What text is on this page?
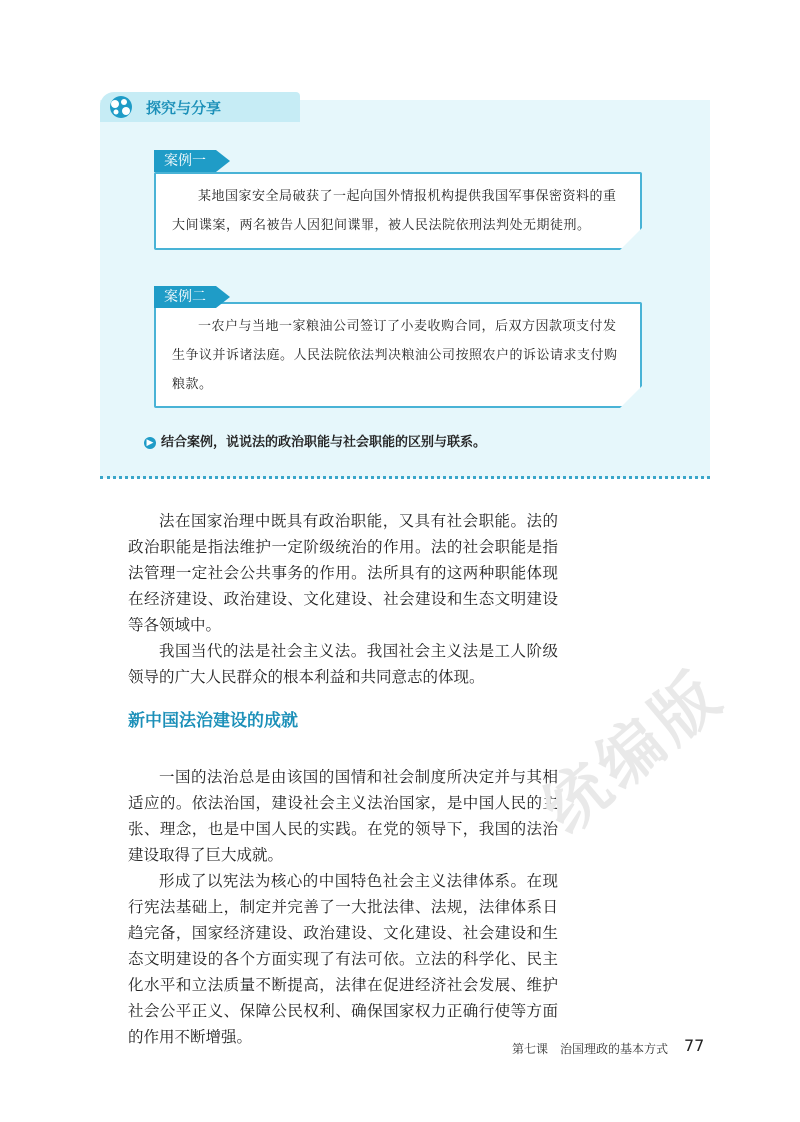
探究与分享
某地国家安全局破获了一起向国外情报机构提供我国军事保密资料的重大间谍案，两名被告人因犯间谍罪，被人民法院依刑法判处无期徒刑。
案例一
一农户与当地一家粮油公司签订了小麦收购合同，后双方因款项支付发生争议并诉诸法庭。人民法院依法判决粮油公司按照农户的诉讼请求支付购粮款。
案例二
▶ 结合案例，说说法的政治职能与社会职能的区别与联系。

法在国家治理中既具有政治职能，又具有社会职能。法的政治职能是指法维护一定阶级统治的作用。法的社会职能是指法管理一定社会公共事务的作用。法所具有的这两种职能体现在经济建设、政治建设、文化建设、社会建设和生态文明建设等各领域中。

我国当代的法是社会主义法。我国社会主义法是工人阶级领导的广大人民群众的根本利益和共同意志的体现。

新中国法治建设的成就

一国的法治总是由该国的国情和社会制度所决定并与其相适应的。依法治国，建设社会主义法治国家，是中国人民的主张、理念，也是中国人民的实践。在党的领导下，我国的法治建设取得了巨大成就。

形成了以宪法为核心的中国特色社会主义法律体系。在现行宪法基础上，制定并完善了一大批法律、法规，法律体系日趋完备，国家经济建设、政治建设、文化建设、社会建设和生态文明建设的各个方面实现了有法可依。立法的科学化、民主化水平和立法质量不断提高，法律在促进经济社会发展、维护社会公平正义、保障公民权利、确保国家权力正确行使等方面的作用不断增强。

统编版
第七课　治国理政的基本方式 77
